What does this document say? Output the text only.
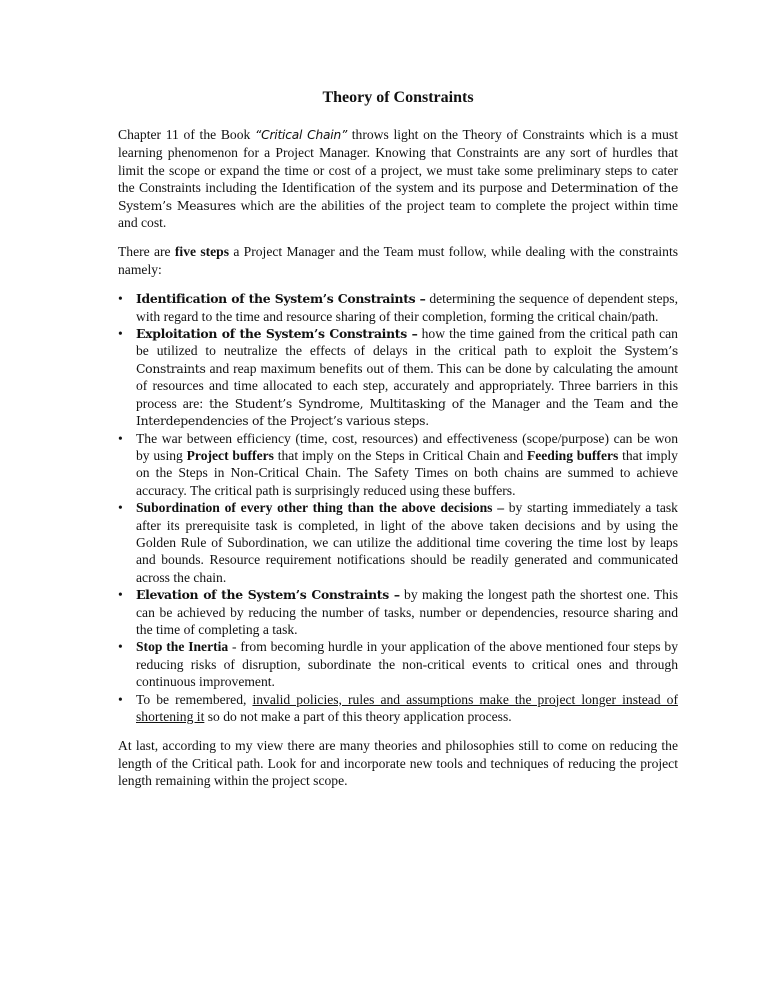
Theory of Constraints

Chapter 11 of the Book “Critical Chain” throws light on the Theory of Constraints which is a must learning phenomenon for a Project Manager. Knowing that Constraints are any sort of hurdles that limit the scope or expand the time or cost of a project, we must take some preliminary steps to cater the Constraints including the Identification of the system and its purpose and Determination of the System’s Measures which are the abilities of the project team to complete the project within time and cost.

There are five steps a Project Manager and the Team must follow, while dealing with the constraints namely:

• Identification of the System’s Constraints – determining the sequence of dependent steps, with regard to the time and resource sharing of their completion, forming the critical chain/path.
• Exploitation of the System’s Constraints – how the time gained from the critical path can be utilized to neutralize the effects of delays in the critical path to exploit the System’s Constraints and reap maximum benefits out of them. This can be done by calculating the amount of resources and time allocated to each step, accurately and appropriately. Three barriers in this process are: the Student’s Syndrome, Multitasking of the Manager and the Team and the Interdependencies of the Project’s various steps.
• The war between efficiency (time, cost, resources) and effectiveness (scope/purpose) can be won by using Project buffers that imply on the Steps in Critical Chain and Feeding buffers that imply on the Steps in Non-Critical Chain. The Safety Times on both chains are summed to achieve accuracy. The critical path is surprisingly reduced using these buffers.
• Subordination of every other thing than the above decisions – by starting immediately a task after its prerequisite task is completed, in light of the above taken decisions and by using the Golden Rule of Subordination, we can utilize the additional time covering the time lost by leaps and bounds. Resource requirement notifications should be readily generated and communicated across the chain.
• Elevation of the System’s Constraints – by making the longest path the shortest one. This can be achieved by reducing the number of tasks, number or dependencies, resource sharing and the time of completing a task.
• Stop the Inertia - from becoming hurdle in your application of the above mentioned four steps by reducing risks of disruption, subordinate the non-critical events to critical ones and through continuous improvement.
• To be remembered, invalid policies, rules and assumptions make the project longer instead of shortening it so do not make a part of this theory application process.

At last, according to my view there are many theories and philosophies still to come on reducing the length of the Critical path. Look for and incorporate new tools and techniques of reducing the project length remaining within the project scope.
